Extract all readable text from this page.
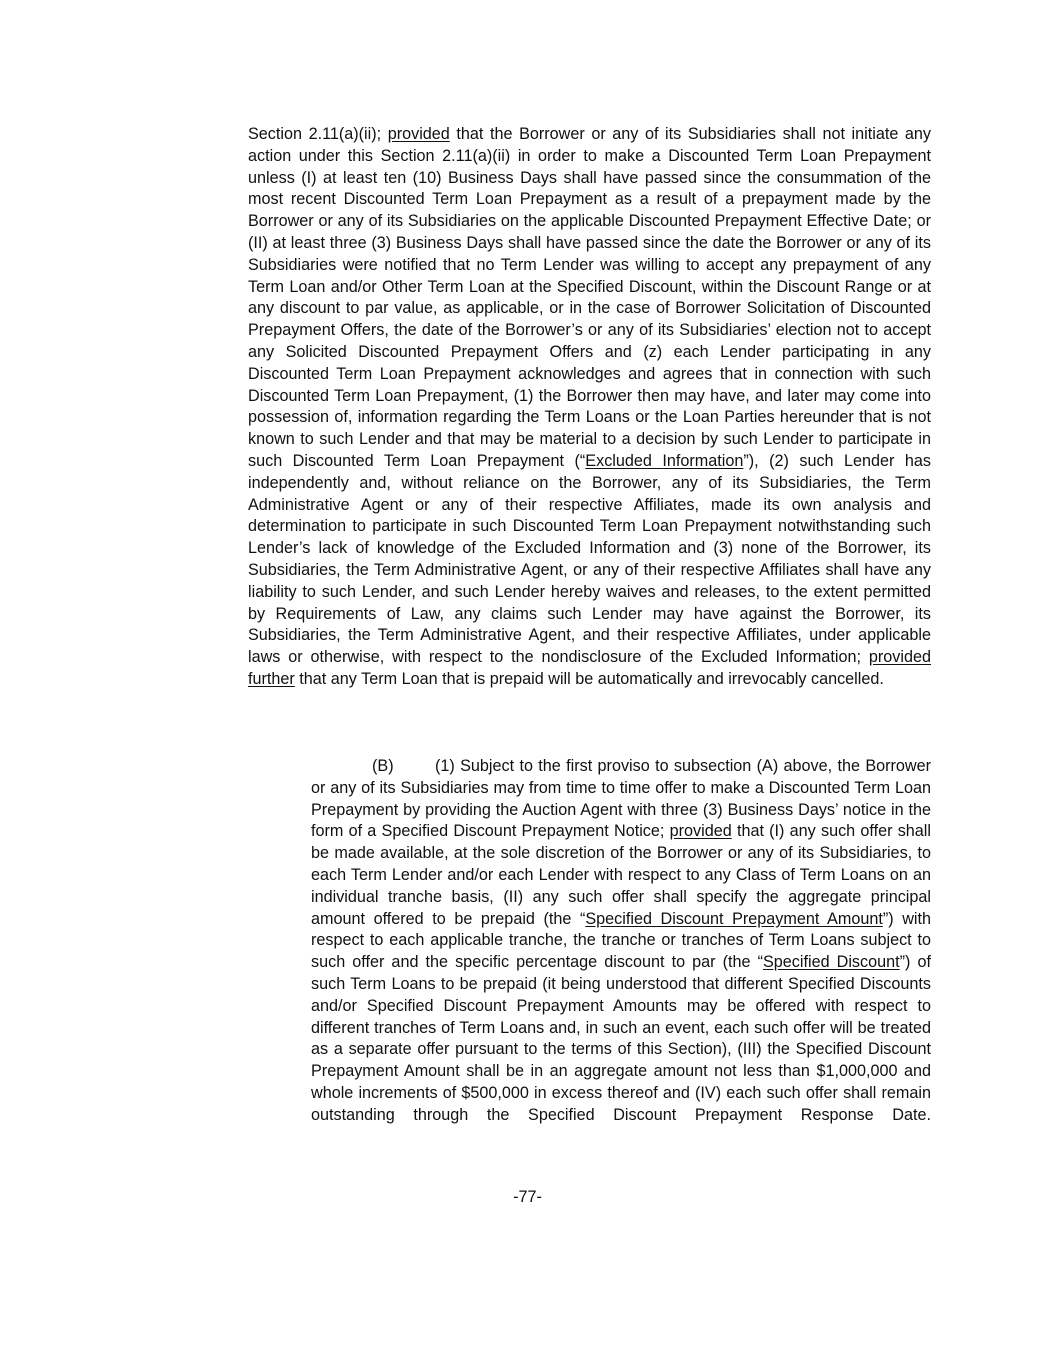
Section 2.11(a)(ii); provided that the Borrower or any of its Subsidiaries shall not initiate any action under this Section 2.11(a)(ii) in order to make a Discounted Term Loan Prepayment unless (I) at least ten (10) Business Days shall have passed since the consummation of the most recent Discounted Term Loan Prepayment as a result of a prepayment made by the Borrower or any of its Subsidiaries on the applicable Discounted Prepayment Effective Date; or (II) at least three (3) Business Days shall have passed since the date the Borrower or any of its Subsidiaries were notified that no Term Lender was willing to accept any prepayment of any Term Loan and/or Other Term Loan at the Specified Discount, within the Discount Range or at any discount to par value, as applicable, or in the case of Borrower Solicitation of Discounted Prepayment Offers, the date of the Borrower’s or any of its Subsidiaries’ election not to accept any Solicited Discounted Prepayment Offers and (z) each Lender participating in any Discounted Term Loan Prepayment acknowledges and agrees that in connection with such Discounted Term Loan Prepayment, (1) the Borrower then may have, and later may come into possession of, information regarding the Term Loans or the Loan Parties hereunder that is not known to such Lender and that may be material to a decision by such Lender to participate in such Discounted Term Loan Prepayment (“Excluded Information”), (2) such Lender has independently and, without reliance on the Borrower, any of its Subsidiaries, the Term Administrative Agent or any of their respective Affiliates, made its own analysis and determination to participate in such Discounted Term Loan Prepayment notwithstanding such Lender’s lack of knowledge of the Excluded Information and (3) none of the Borrower, its Subsidiaries, the Term Administrative Agent, or any of their respective Affiliates shall have any liability to such Lender, and such Lender hereby waives and releases, to the extent permitted by Requirements of Law, any claims such Lender may have against the Borrower, its Subsidiaries, the Term Administrative Agent, and their respective Affiliates, under applicable laws or otherwise, with respect to the nondisclosure of the Excluded Information; provided further that any Term Loan that is prepaid will be automatically and irrevocably cancelled.

(B)	(1) Subject to the first proviso to subsection (A) above, the Borrower or any of its Subsidiaries may from time to time offer to make a Discounted Term Loan Prepayment by providing the Auction Agent with three (3) Business Days’ notice in the form of a Specified Discount Prepayment Notice; provided that (I) any such offer shall be made available, at the sole discretion of the Borrower or any of its Subsidiaries, to each Term Lender and/or each Lender with respect to any Class of Term Loans on an individual tranche basis, (II) any such offer shall specify the aggregate principal amount offered to be prepaid (the “Specified Discount Prepayment Amount”) with respect to each applicable tranche, the tranche or tranches of Term Loans subject to such offer and the specific percentage discount to par (the “Specified Discount”) of such Term Loans to be prepaid (it being understood that different Specified Discounts and/or Specified Discount Prepayment Amounts may be offered with respect to different tranches of Term Loans and, in such an event, each such offer will be treated as a separate offer pursuant to the terms of this Section), (III) the Specified Discount Prepayment Amount shall be in an aggregate amount not less than $1,000,000 and whole increments of $500,000 in excess thereof and (IV) each such offer shall remain outstanding through the Specified Discount Prepayment Response Date.

-77-
